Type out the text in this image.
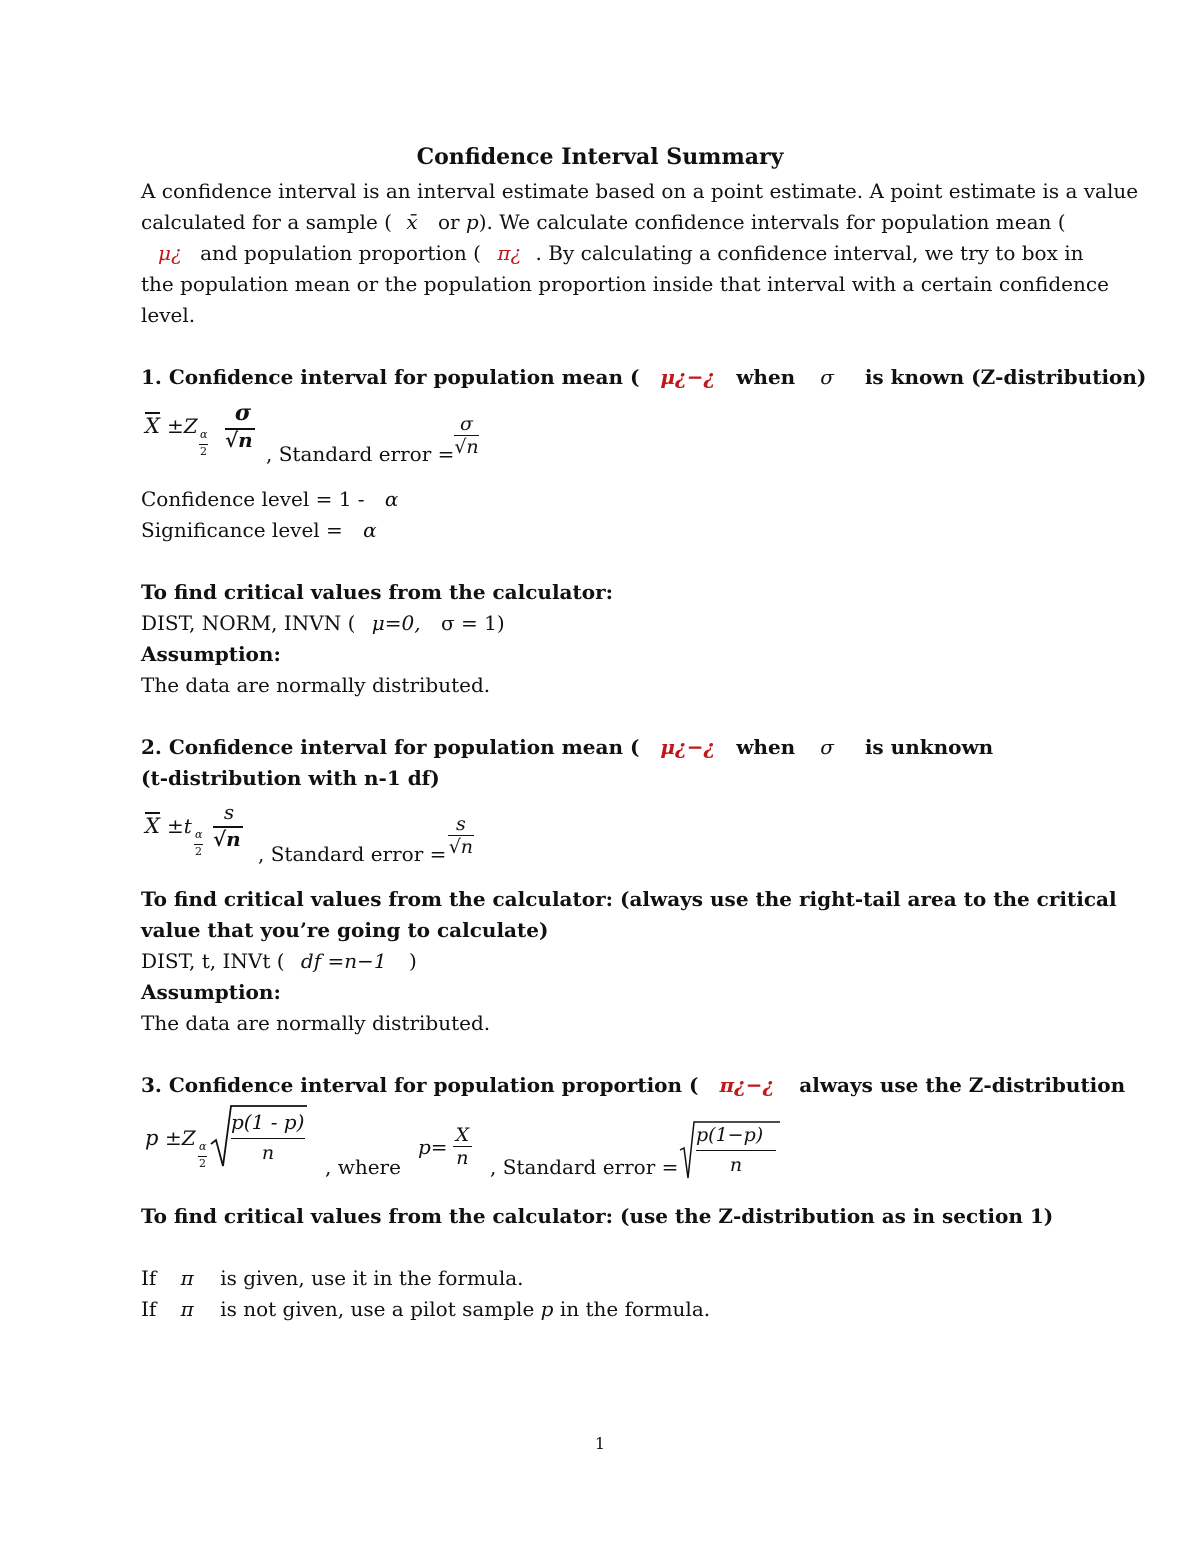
Confidence Interval Summary
A confidence interval is an interval estimate based on a point estimate. A point estimate is a value
calculated for a sample ( x̄ or p). We calculate confidence intervals for population mean (
μ¿ and population proportion ( π¿ . By calculating a confidence interval, we try to box in
the population mean or the population proportion inside that interval with a certain confidence
level.
1. Confidence interval for population mean ( μ¿−¿ when σ is known (Z-distribution)
$\overline{X} \pm Z$ α
2
σ
√n
, Standard error = $\frac{\sigma}{√n}$
Confidence level = 1 - α
Significance level = α
To find critical values from the calculator:
DIST, NORM, INVN ( μ=0, σ = 1)
Assumption:
The data are normally distributed.
2. Confidence interval for population mean ( μ¿−¿ when σ is unknown
(t-distribution with n-1 df)
$\overline{X} \pm t$ α
2
s
√n
, Standard error = $\frac{s}{√n}$
To find critical values from the calculator: (always use the right-tail area to the critical
value that you’re going to calculate)
DIST, t, INVt ( df =n−1 )
Assumption:
The data are normally distributed.
3. Confidence interval for population proportion ( π¿−¿ always use the Z-distribution
p ±Z α
2
p(1 - p)
n
, where
$p= \frac{X}{n}$ , Standard error =
p(1−p)
n
To find critical values from the calculator: (use the Z-distribution as in section 1)
If π is given, use it in the formula.
If π is not given, use a pilot sample p in the formula.
1
